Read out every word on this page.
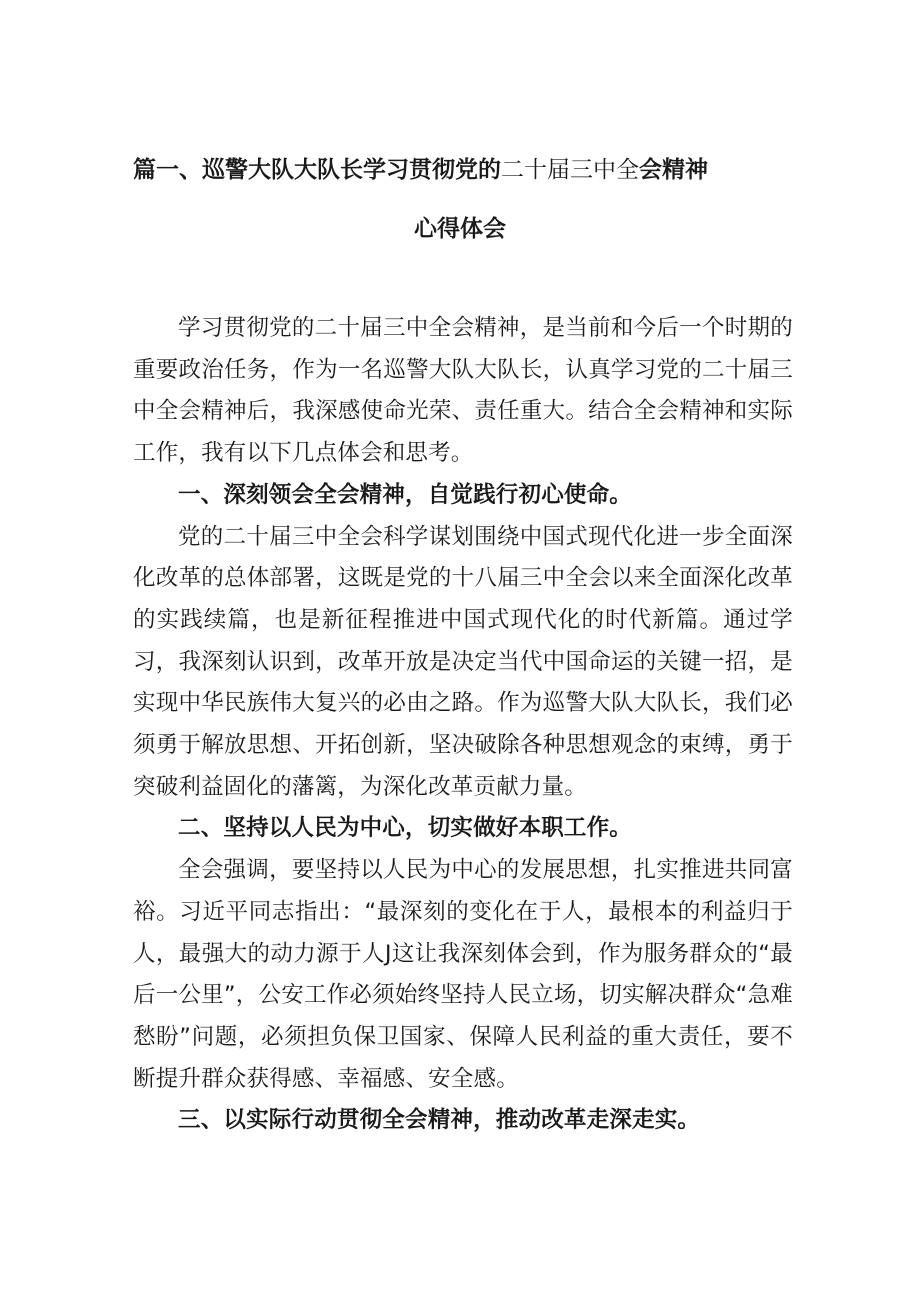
篇一、巡警大队大队长学习贯彻党的二十届三中全会精神
心得体会

学习贯彻党的二十届三中全会精神，是当前和今后一个时期的重要政治任务，作为一名巡警大队大队长，认真学习党的二十届三中全会精神后，我深感使命光荣、责任重大。结合全会精神和实际工作，我有以下几点体会和思考。

一、深刻领会全会精神，自觉践行初心使命。

党的二十届三中全会科学谋划围绕中国式现代化进一步全面深化改革的总体部署，这既是党的十八届三中全会以来全面深化改革的实践续篇，也是新征程推进中国式现代化的时代新篇。通过学习，我深刻认识到，改革开放是决定当代中国命运的关键一招，是实现中华民族伟大复兴的必由之路。作为巡警大队大队长，我们必须勇于解放思想、开拓创新，坚决破除各种思想观念的束缚，勇于突破利益固化的藩篱，为深化改革贡献力量。

二、坚持以人民为中心，切实做好本职工作。

全会强调，要坚持以人民为中心的发展思想，扎实推进共同富裕。习近平同志指出：“最深刻的变化在于人，最根本的利益归于人，最强大的动力源于人J这让我深刻体会到，作为服务群众的“最后一公里”，公安工作必须始终坚持人民立场，切实解决群众“急难愁盼”问题，必须担负保卫国家、保障人民利益的重大责任，要不断提升群众获得感、幸福感、安全感。

三、以实际行动贯彻全会精神，推动改革走深走实。
